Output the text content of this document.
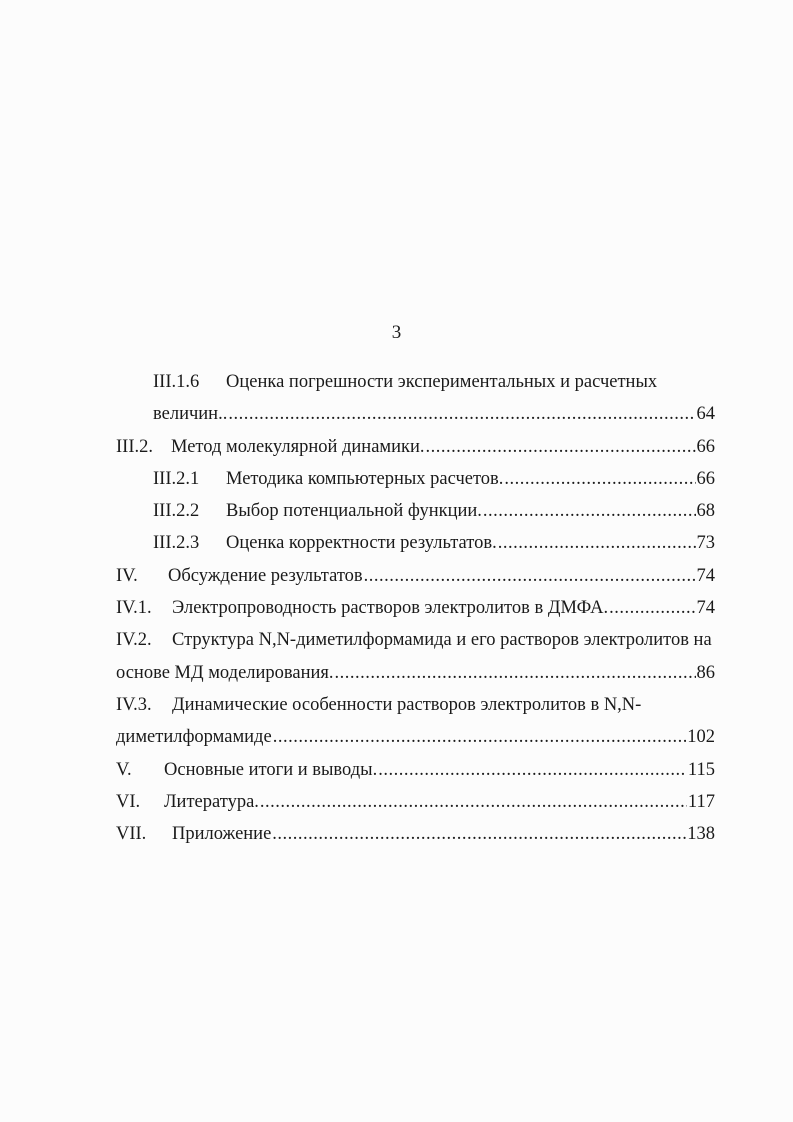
3
III.1.6	Оценка погрешности экспериментальных и расчетных
величин.. .....	64
III.2. Метод молекулярной динамики. .....	66
III.2.1	Методика компьютерных расчетов. .....	66
III.2.2	Выбор потенциальной функции. .....	68
III.2.3	Оценка корректности результатов. .....	73
IV.	Обсуждение результатов .....	74
IV.1.	Электропроводность растворов электролитов в ДМФА. .....	74
IV.2.	Структура N,N-диметилформамида и его растворов электролитов на
основе МД моделирования. .....	86
IV.3.	Динамические особенности растворов электролитов в N,N-
диметилформамиде .....	102
V.	Основные итоги и выводы. .....	115
VI.	Литература. .....	117
VII.	Приложение .....	138
